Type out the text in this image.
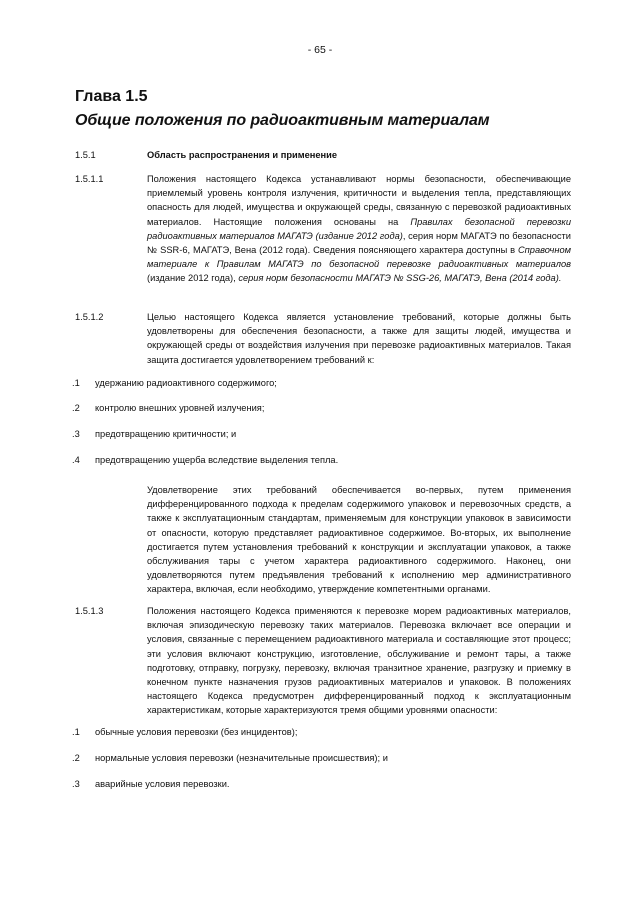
- 65 -
Глава 1.5
Общие положения по радиоактивным материалам
1.5.1	Область распространения и применение
1.5.1.1	Положения настоящего Кодекса устанавливают нормы безопасности, обеспечивающие приемлемый уровень контроля излучения, критичности и выделения тепла, представляющих опасность для людей, имущества и окружающей среды, связанную с перевозкой радиоактивных материалов. Настоящие положения основаны на Правилах безопасной перевозки радиоактивных материалов МАГАТЭ (издание 2012 года), серия норм МАГАТЭ по безопасности № SSR-6, МАГАТЭ, Вена (2012 года). Сведения поясняющего характера доступны в Справочном материале к Правилам МАГАТЭ по безопасной перевозке радиоактивных материалов (издание 2012 года), серия норм безопасности МАГАТЭ № SSG-26, МАГАТЭ, Вена (2014 года).
1.5.1.2	Целью настоящего Кодекса является установление требований, которые должны быть удовлетворены для обеспечения безопасности, а также для защиты людей, имущества и окружающей среды от воздействия излучения при перевозке радиоактивных материалов. Такая защита достигается удовлетворением требований к:
.1 удержанию радиоактивного содержимого;
.2 контролю внешних уровней излучения;
.3 предотвращению критичности; и
.4 предотвращению ущерба вследствие выделения тепла.
Удовлетворение этих требований обеспечивается во-первых, путем применения дифференцированного подхода к пределам содержимого упаковок и перевозочных средств, а также к эксплуатационным стандартам, применяемым для конструкции упаковок в зависимости от опасности, которую представляет радиоактивное содержимое. Во-вторых, их выполнение достигается путем установления требований к конструкции и эксплуатации упаковок, а также обслуживания тары с учетом характера радиоактивного содержимого. Наконец, они удовлетворяются путем предъявления требований к исполнению мер административного характера, включая, если необходимо, утверждение компетентными органами.
1.5.1.3	Положения настоящего Кодекса применяются к перевозке морем радиоактивных материалов, включая эпизодическую перевозку таких материалов. Перевозка включает все операции и условия, связанные с перемещением радиоактивного материала и составляющие этот процесс; эти условия включают конструкцию, изготовление, обслуживание и ремонт тары, а также подготовку, отправку, погрузку, перевозку, включая транзитное хранение, разгрузку и приемку в конечном пункте назначения грузов радиоактивных материалов и упаковок. В положениях настоящего Кодекса предусмотрен дифференцированный подход к эксплуатационным характеристикам, которые характеризуются тремя общими уровнями опасности:
.1 обычные условия перевозки (без инцидентов);
.2 нормальные условия перевозки (незначительные происшествия); и
.3 аварийные условия перевозки.
